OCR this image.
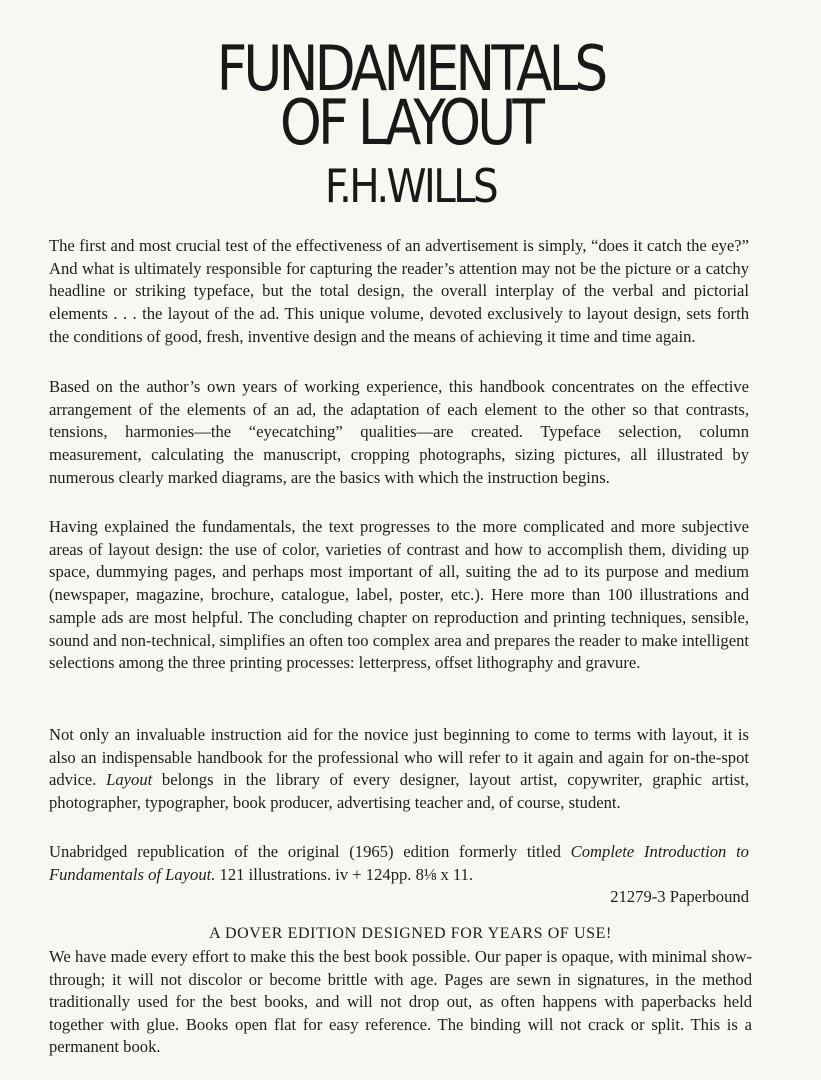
FUNDAMENTALS
OF LAYOUT
F.H.WILLS

The first and most crucial test of the effectiveness of an advertisement is simply, “does it catch the eye?” And what is ultimately responsible for capturing the reader’s attention may not be the picture or a catchy headline or striking typeface, but the total design, the overall interplay of the verbal and pictorial elements . . . the layout of the ad. This unique volume, devoted exclusively to layout design, sets forth the conditions of good, fresh, inventive design and the means of achieving it time and time again.

Based on the author’s own years of working experience, this handbook concentrates on the effective arrangement of the elements of an ad, the adaptation of each element to the other so that contrasts, tensions, harmonies—the “eyecatching” qualities—are created. Typeface selection, column measurement, calculating the manuscript, cropping photographs, sizing pictures, all illustrated by numerous clearly marked diagrams, are the basics with which the instruction begins.

Having explained the fundamentals, the text progresses to the more complicated and more subjective areas of layout design: the use of color, varieties of contrast and how to accomplish them, dividing up space, dummying pages, and perhaps most important of all, suiting the ad to its purpose and medium (newspaper, magazine, brochure, catalogue, label, poster, etc.). Here more than 100 illustrations and sample ads are most helpful. The concluding chapter on reproduction and printing techniques, sensible, sound and non-technical, simplifies an often too complex area and prepares the reader to make intelligent selections among the three printing processes: letterpress, offset lithography and gravure.

Not only an invaluable instruction aid for the novice just beginning to come to terms with layout, it is also an indispensable handbook for the professional who will refer to it again and again for on-the-spot advice. Layout belongs in the library of every designer, layout artist, copywriter, graphic artist, photographer, typographer, book producer, advertising teacher and, of course, student.

Unabridged republication of the original (1965) edition formerly titled Complete Introduction to Fundamentals of Layout. 121 illustrations. iv + 124pp. 8⅛ x 11.

21279-3 Paperbound
A DOVER EDITION DESIGNED FOR YEARS OF USE!
We have made every effort to make this the best book possible. Our paper is opaque, with minimal show-through; it will not discolor or become brittle with age. Pages are sewn in signatures, in the method traditionally used for the best books, and will not drop out, as often happens with paperbacks held together with glue. Books open flat for easy reference. The binding will not crack or split. This is a permanent book.
